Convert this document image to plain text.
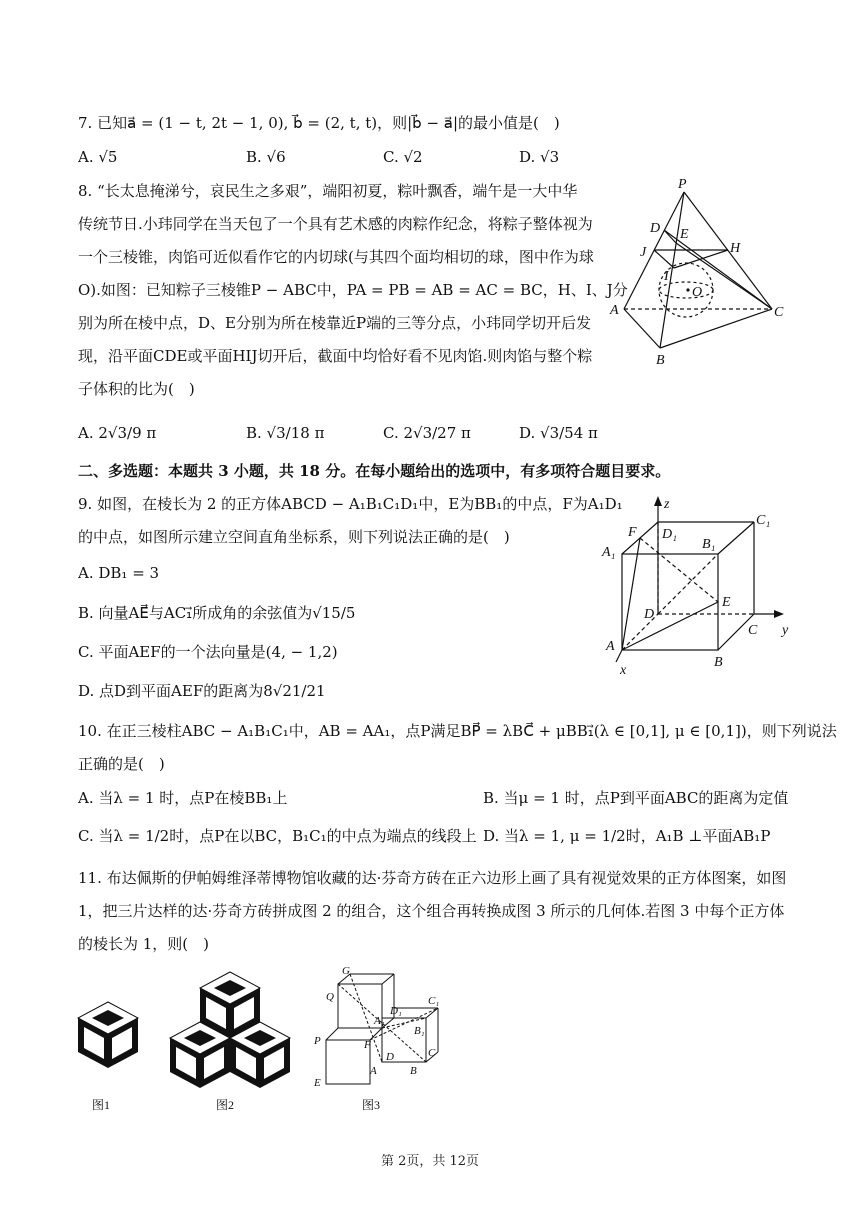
7. 已知a⃗ = (1 − t, 2t − 1, 0), b⃗ = (2, t, t)，则|b⃗ − a⃗|的最小值是(　)
A. √5	B. √6	C. √2	D. √3
8. “长太息掩涕兮，哀民生之多艰”，端阳初夏，粽叶飘香，端午是一大中华
传统节日.小玮同学在当天包了一个具有艺术感的肉粽作纪念，将粽子整体视为
一个三棱锥，肉馅可近似看作它的内切球(与其四个面均相切的球，图中作为球
O).如图：已知粽子三棱锥P − ABC中，PA = PB = AB = AC = BC，H、I、J分
别为所在棱中点，D、E分别为所在棱靠近P端的三等分点，小玮同学切开后发
现，沿平面CDE或平面HIJ切开后，截面中均恰好看不见肉馅.则肉馅与整个粽
子体积的比为(　)
A. 2√3/9 π	B. √3/18 π	C. 2√3/27 π	D. √3/54 π
P
D E
J	H
I
O
A	C
B
二、多选题：本题共 3 小题，共 18 分。在每小题给出的选项中，有多项符合题目要求。
9. 如图，在棱长为 2 的正方体ABCD − A₁B₁C₁D₁中，E为BB₁的中点，F为A₁D₁
的中点，如图所示建立空间直角坐标系，则下列说法正确的是(　)
A. DB₁ = 3
B. 向量AE⃗与AC₁⃗所成角的余弦值为√15/5
C. 平面AEF的一个法向量是(4, − 1,2)
D. 点D到平面AEF的距离为8√21/21
z
F D₁
C₁
A₁
B₁
E
D
C y
A
B
x
10. 在正三棱柱ABC − A₁B₁C₁中，AB = AA₁，点P满足BP⃗ = λBC⃗ + μBB₁⃗(λ ∈ [0,1], μ ∈ [0,1])，则下列说法
正确的是(　)
A. 当λ = 1 时，点P在棱BB₁上	B. 当μ = 1 时，点P到平面ABC的距离为定值
C. 当λ = 1/2时，点P在以BC，B₁C₁的中点为端点的线段上 D. 当λ = 1, μ = 1/2时，A₁B ⊥平面AB₁P
11. 布达佩斯的伊帕姆维泽蒂博物馆收藏的达·芬奇方砖在正六边形上画了具有视觉效果的正方体图案，如图
1，把三片达样的达·芬奇方砖拼成图 2 的组合，这个组合再转换成图 3 所示的几何体.若图 3 中每个正方体
的棱长为 1，则(　)
G
Q
D₁
C₁
A₁
B₁
P	F
D	C
E
A	B
图1	图2	图3
第 2页，共 12页
